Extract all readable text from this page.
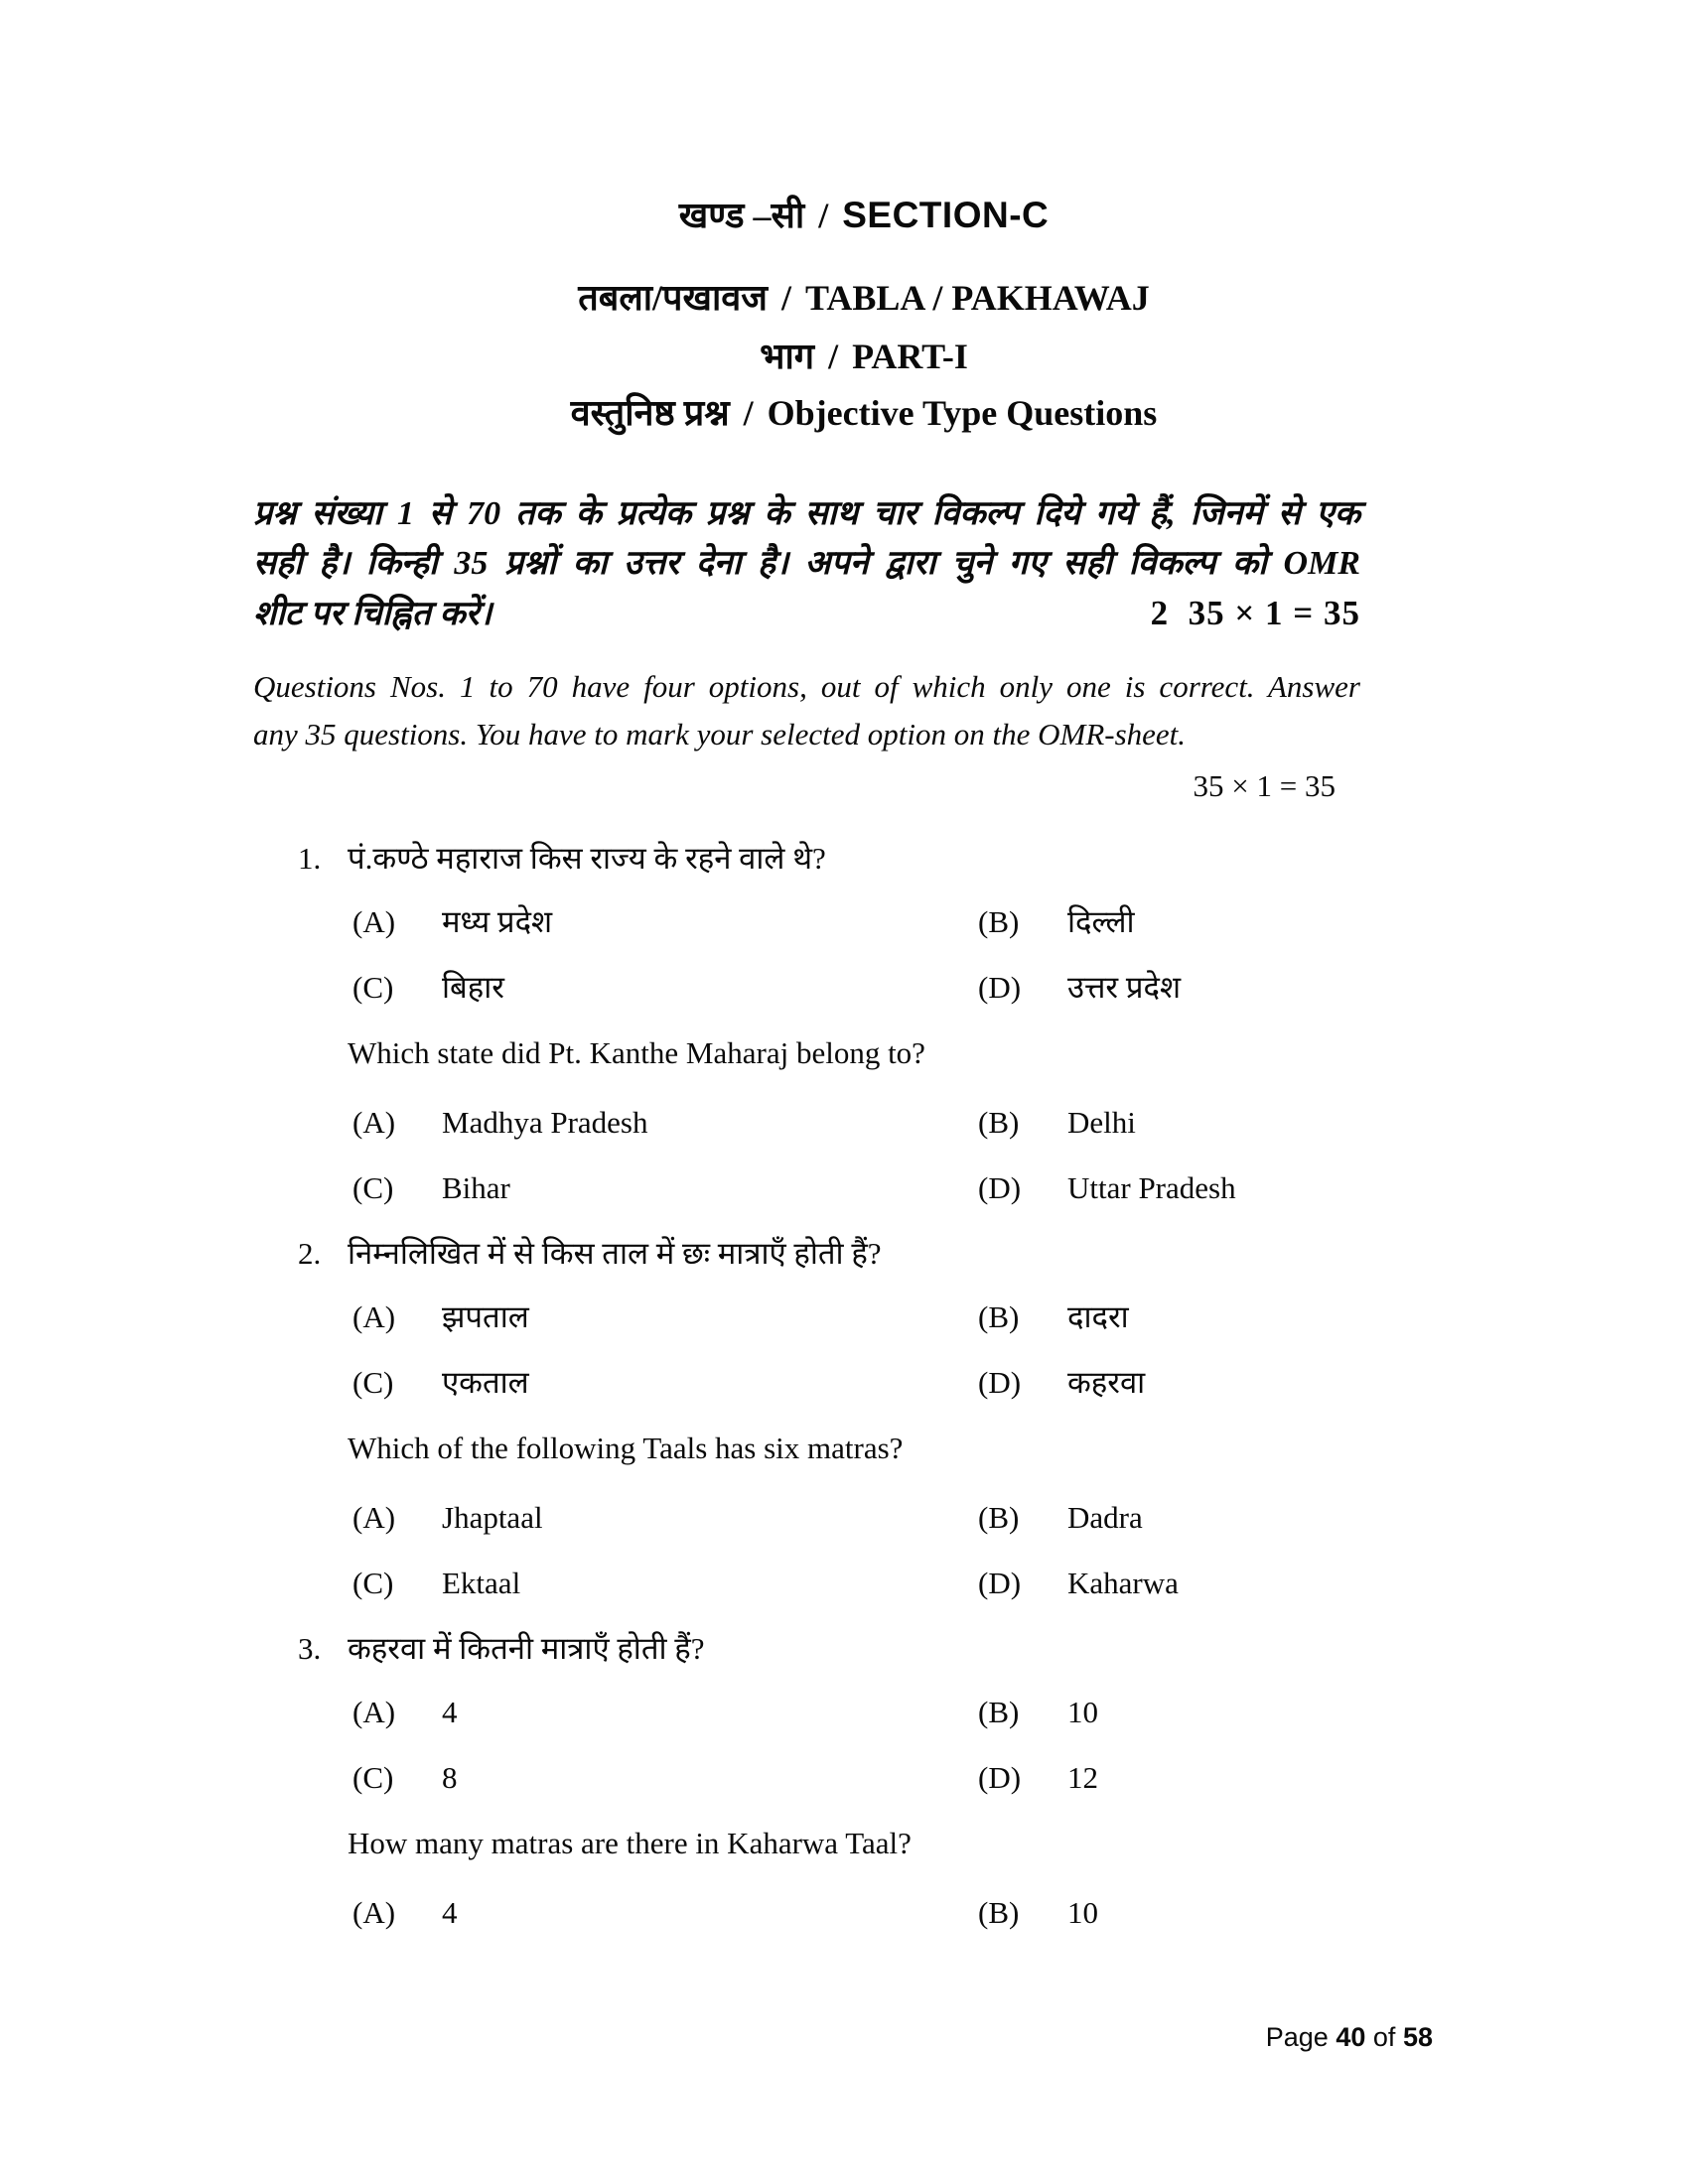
खण्ड –सी / SECTION-C
तबला/पखावज / TABLA / PAKHAWAJ
भाग / PART-I
वस्तुनिष्ठ प्रश्न / Objective Type Questions
प्रश्न संख्या 1 से 70 तक के प्रत्येक प्रश्न के साथ चार विकल्प दिये गये हैं, जिनमें से एक
सही है। किन्ही 35 प्रश्नों का उत्तर देना है। अपने द्वारा चुने गए सही विकल्प को OMR
शीट पर चिह्नित करें।	2  35 × 1 = 35
Questions Nos. 1 to 70 have four options, out of which only one is correct. Answer
any 35 questions. You have to mark your selected option on the OMR-sheet.
35 × 1 = 35
1. पं.कण्ठे महाराज किस राज्य के रहने वाले थे?
(A)	मध्य प्रदेश	(B)	दिल्ली
(C)	बिहार	(D)	उत्तर प्रदेश
Which state did Pt. Kanthe Maharaj belong to?
(A)	Madhya Pradesh	(B)	Delhi
(C)	Bihar	(D)	Uttar Pradesh
2. निम्नलिखित में से किस ताल में छः मात्राएँ होती हैं?
(A)	झपताल	(B)	दादरा
(C)	एकताल	(D)	कहरवा
Which of the following Taals has six matras?
(A)	Jhaptaal	(B)	Dadra
(C)	Ektaal	(D)	Kaharwa
3. कहरवा में कितनी मात्राएँ होती हैं?
(A)	4	(B)	10
(C)	8	(D)	12
How many matras are there in Kaharwa Taal?
(A)	4	(B)	10
Page 40 of 58
